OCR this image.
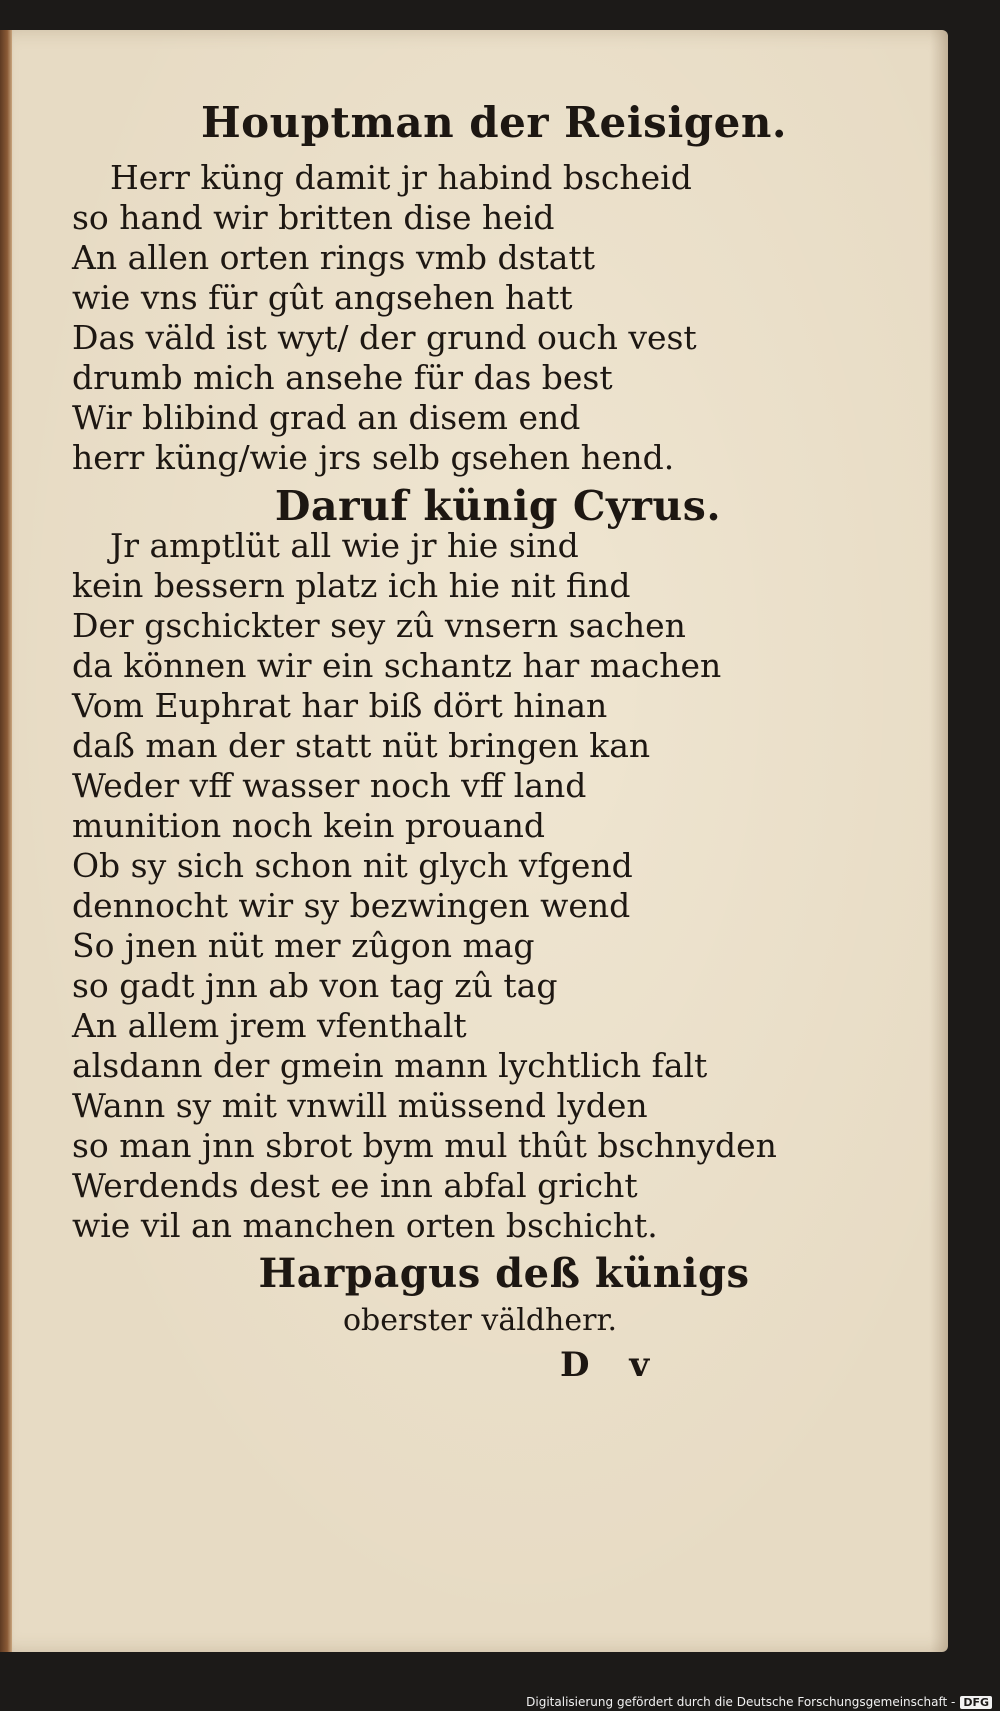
Houptman der Reisigen.
Herr küng damit jr habind bscheid
so hand wir britten dise heid
An allen orten rings vmb dstatt
wie vns für gût angsehen hatt
Das väld ist wyt/ der grund ouch vest
drumb mich ansehe für das best
Wir blibind grad an disem end
herr küng/wie jrs selb gsehen hend.
Daruf künig Cyrus.
Jr amptlüt all wie jr hie sind
kein bessern platz ich hie nit find
Der gschickter sey zû vnsern sachen
da können wir ein schantz har machen
Vom Euphrat har biß dört hinan
daß man der statt nüt bringen kan
Weder vff wasser noch vff land
munition noch kein prouand
Ob sy sich schon nit glych vfgend
dennocht wir sy bezwingen wend
So jnen nüt mer zûgon mag
so gadt jnn ab von tag zû tag
An allem jrem vfenthalt
alsdann der gmein mann lychtlich falt
Wann sy mit vnwill müssend lyden
so man jnn sbrot bym mul thût bschnyden
Werdends dest ee inn abfal gricht
wie vil an manchen orten bschicht.
Harpagus deß künigs
oberster väldherr.
D v
Digitalisierung gefördert durch die Deutsche Forschungsgemeinschaft - DFG
